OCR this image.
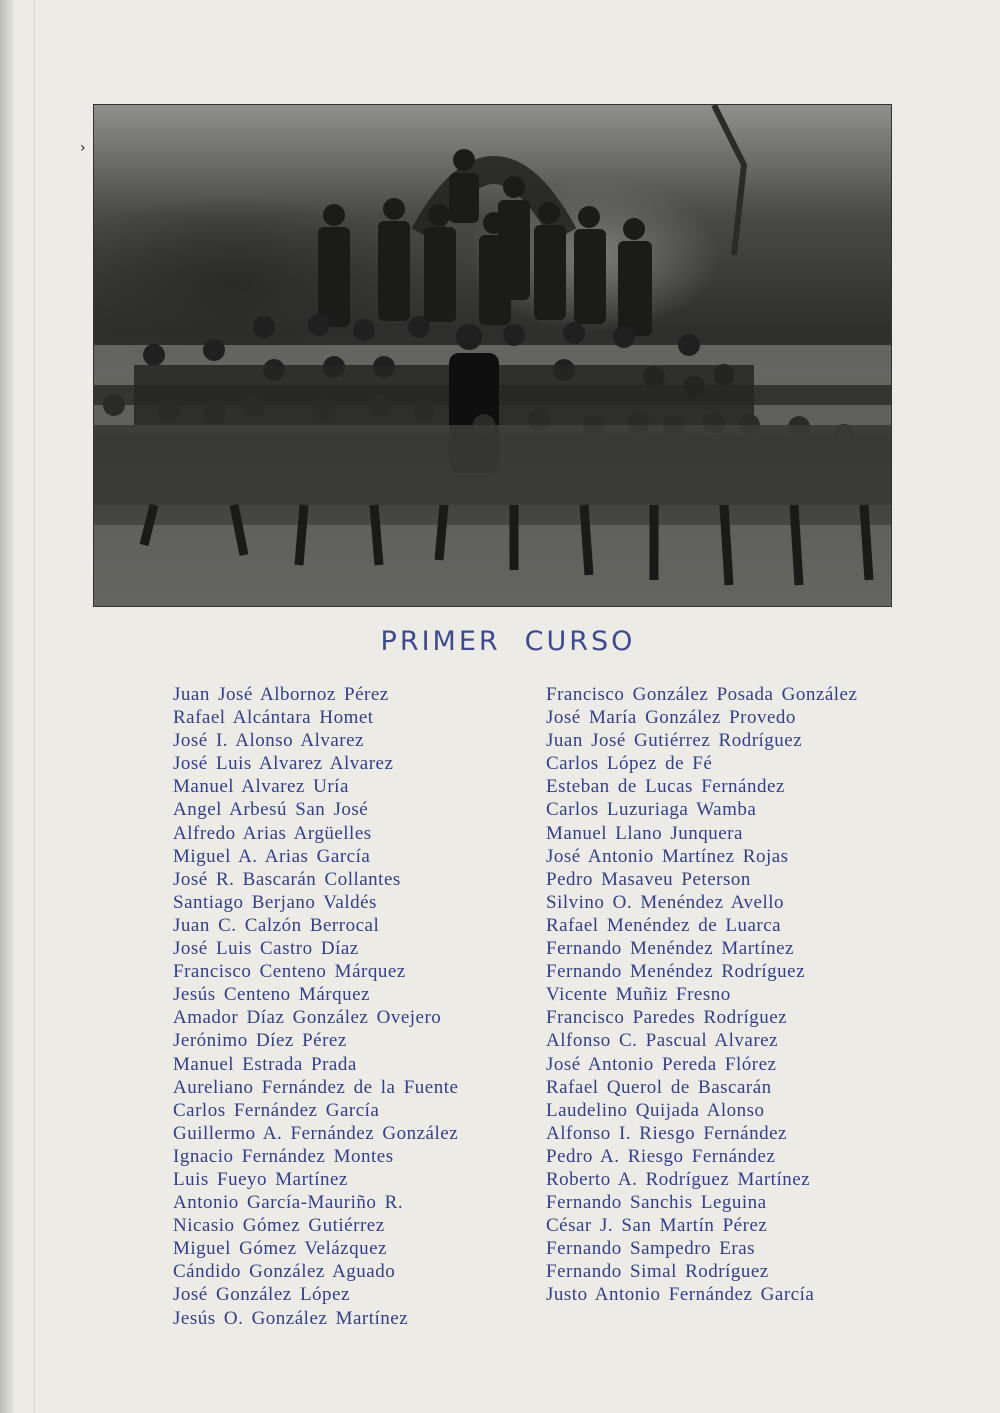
›
PRIMER CURSO
Juan José Albornoz Pérez
Rafael Alcántara Homet
José I. Alonso Alvarez
José Luis Alvarez Alvarez
Manuel Alvarez Uría
Angel Arbesú San José
Alfredo Arias Argüelles
Miguel A. Arias García
José R. Bascarán Collantes
Santiago Berjano Valdés
Juan C. Calzón Berrocal
José Luis Castro Díaz
Francisco Centeno Márquez
Jesús Centeno Márquez
Amador Díaz González Ovejero
Jerónimo Díez Pérez
Manuel Estrada Prada
Aureliano Fernández de la Fuente
Carlos Fernández García
Guillermo A. Fernández González
Ignacio Fernández Montes
Luis Fueyo Martínez
Antonio García-Mauriño R.
Nicasio Gómez Gutiérrez
Miguel Gómez Velázquez
Cándido González Aguado
José González López
Jesús O. González Martínez
Francisco González Posada González
José María González Provedo
Juan José Gutiérrez Rodríguez
Carlos López de Fé
Esteban de Lucas Fernández
Carlos Luzuriaga Wamba
Manuel Llano Junquera
José Antonio Martínez Rojas
Pedro Masaveu Peterson
Silvino O. Menéndez Avello
Rafael Menéndez de Luarca
Fernando Menéndez Martínez
Fernando Menéndez Rodríguez
Vicente Muñiz Fresno
Francisco Paredes Rodríguez
Alfonso C. Pascual Alvarez
José Antonio Pereda Flórez
Rafael Querol de Bascarán
Laudelino Quijada Alonso
Alfonso I. Riesgo Fernández
Pedro A. Riesgo Fernández
Roberto A. Rodríguez Martínez
Fernando Sanchis Leguina
César J. San Martín Pérez
Fernando Sampedro Eras
Fernando Simal Rodríguez
Justo Antonio Fernández García
